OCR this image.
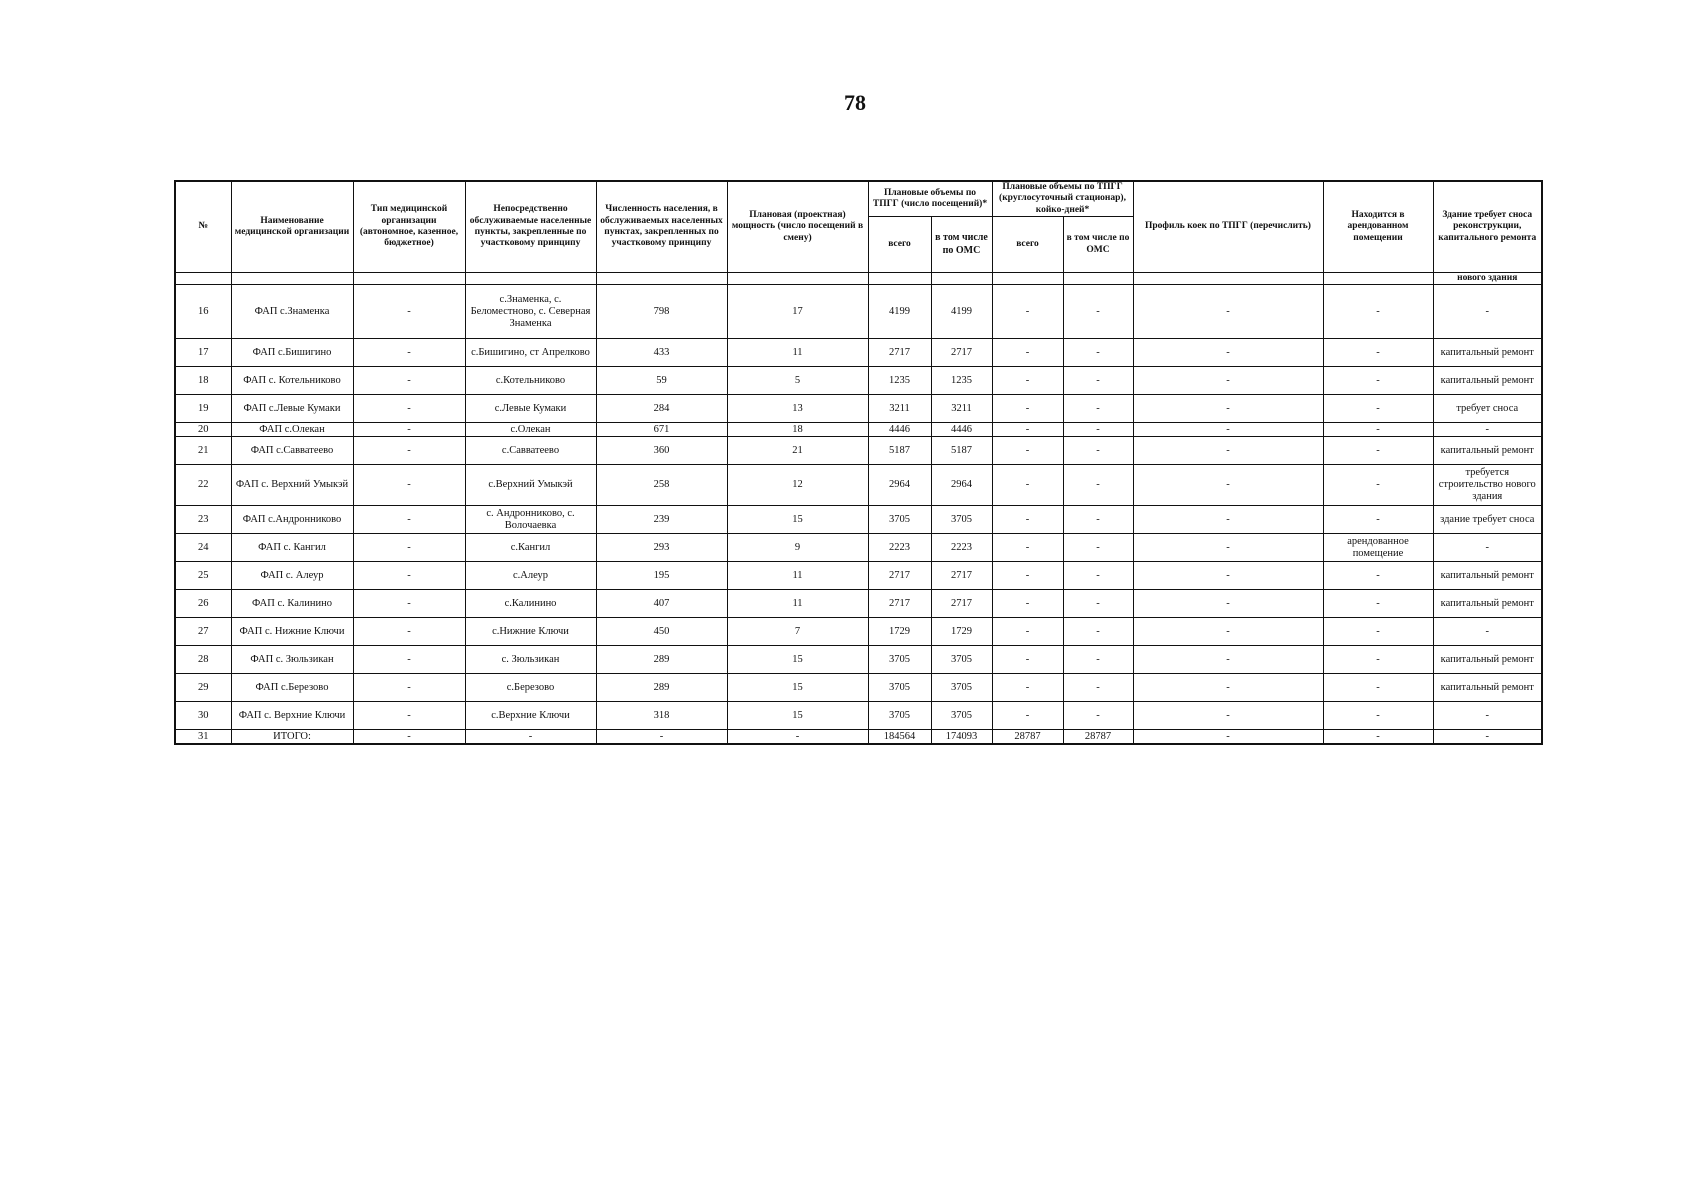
78
№	Наименование медицинской организации	Тип медицинской организации (автономное, казенное, бюджетное)	Непосредственно обслуживаемые населенные пункты, закрепленные по участковому принципу	Численность населения, в обслуживаемых населенных пунктах, закрепленных по участковому принципу	Плановая (проектная) мощность (число посещений в смену)	Плановые объемы по ТПГГ (число посещений)*		Плановые объемы по ТПГГ (круглосуточный стационар), койко-дней*		Профиль коек по ТПГГ (перечислить)	Находится в арендованном помещении	Здание требует сноса реконструкции, капитального ремонта
						всего	в том числе по ОМС	всего	в том числе по ОМС			
												нового здания
16	ФАП с.Знаменка	-	с.Знаменка, с. Беломестново, с. Северная Знаменка	798	17	4199	4199	-	-	-	-	-
17	ФАП с.Бишигино	-	с.Бишигино, ст Апрелково	433	11	2717	2717	-	-	-	-	капитальный ремонт
18	ФАП с. Котельниково	-	с.Котельниково	59	5	1235	1235	-	-	-	-	капитальный ремонт
19	ФАП с.Левые Кумаки	-	с.Левые Кумаки	284	13	3211	3211	-	-	-	-	требует сноса
20	ФАП с.Олекан	-	с.Олекан	671	18	4446	4446	-	-	-	-	-
21	ФАП с.Савватеево	-	с.Савватеево	360	21	5187	5187	-	-	-	-	капитальный ремонт
22	ФАП с. Верхний Умыкэй	-	с.Верхний Умыкэй	258	12	2964	2964	-	-	-	-	требуется строительство нового здания
23	ФАП с.Андронниково	-	с. Андронниково, с. Волочаевка	239	15	3705	3705	-	-	-	-	здание требует сноса
24	ФАП с. Кангил	-	с.Кангил	293	9	2223	2223	-	-	-	арендованное помещение	-
25	ФАП с. Алеур	-	с.Алеур	195	11	2717	2717	-	-	-	-	капитальный ремонт
26	ФАП с. Калинино	-	с.Калинино	407	11	2717	2717	-	-	-	-	капитальный ремонт
27	ФАП с. Нижние Ключи	-	с.Нижние Ключи	450	7	1729	1729	-	-	-	-	-
28	ФАП с. Зюльзикан	-	с. Зюльзикан	289	15	3705	3705	-	-	-	-	капитальный ремонт
29	ФАП с.Березово	-	с.Березово	289	15	3705	3705	-	-	-	-	капитальный ремонт
30	ФАП с. Верхние Ключи	-	с.Верхние Ключи	318	15	3705	3705	-	-	-	-	-
31	ИТОГО:	-	-	-	-	184564	174093	28787	28787	-	-	-
